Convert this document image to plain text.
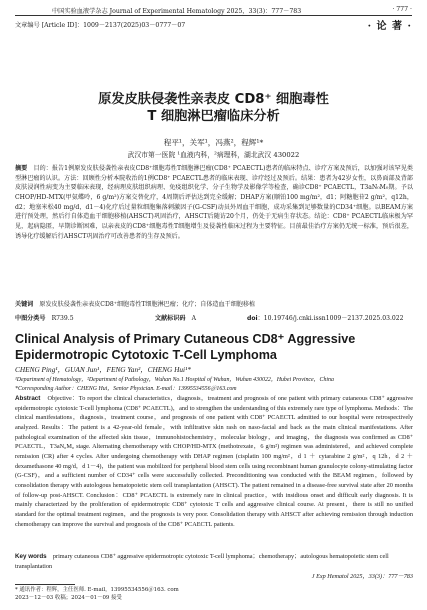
中国实验血液学杂志 Journal of Experimental Hematology 2025，33(3)：777－783	· 777 ·
文章编号 [Article ID]：1009－2137(2025)03－0777－07	· 论 著 ·
原发皮肤侵袭性亲表皮 CD8⁺ 细胞毒性
T 细胞淋巴瘤临床分析
程平¹，关军¹，冯燕²，程辉¹*
武汉市第一医院 ¹血液内科，²病理科，湖北武汉 430022

摘要　 目的：报告1例原发皮肤侵袭性亲表皮CD8⁺细胞毒性T细胞淋巴瘤(CD8⁺ PCAECTL)患者的临床特点、诊疗方案及预后，以加强对该罕见类型淋巴瘤的认识。方法：回顾性分析本院收治的1例CD8⁺ PCAECTL患者的临床表现、诊疗经过及预后。结果：患者为42岁女性，以鼻面部及背部皮肤浸润性病变为主要临床表现，经病理皮肤组织病理、免疫组织化学、分子生物学及影像学等检查，确诊CD8⁺ PCAECTL，T3aN₀M₀期。予以CHOP/HD-MTX(甲氨蝶呤，6 g/m²)方案交替化疗，4周期后评估达到完全缓解；DHAP方案(顺铂100 mg/m²，d1；阿糖胞苷2 g/m²，q12h，d2；地塞米松40 mg/d，d1－4)化疗后过量粒细胞集落刺激因子(G-CSF)动员外周血干细胞，成功采集到足够数量的CD34⁺细胞。以BEAM方案进行预处理，然后行自体造血干细胞移植(AHSCT)巩固治疗，AHSCT后随访20个月，仍处于无病生存状态。结论：CD8⁺ PCAECTL临床极为罕见，起病隐匿，早期诊断困难，以亲表皮的CD8⁺细胞毒性T细胞增生及侵袭性临床过程为主要特征。目前最佳治疗方案仍无统一标准，预后很差，诱导化疗缓解后行AHSCT巩固治疗可改善患者的生存及预后。

关键词　 原发皮肤侵袭性亲表皮CD8⁺细胞毒性T细胞淋巴瘤；化疗；自体造血干细胞移植

中图分类号　 R739.5	文献标识码　 A	doi：10.19746/j.cnki.issn1009－2137.2025.03.022
Clinical Analysis of Primary Cutaneous CD8⁺ Aggressive Epidermotropic Cytotoxic T-Cell Lymphoma
CHENG Ping¹，GUAN Jun¹，FENG Yan²，CHENG Hui¹*
¹Department of Hematology，²Department of Pathology，Wuhan No.1 Hospital of Wuhan，Wuhan 430022，Hubei Province，China
*Corresponding Author：CHENG Hui，Senior Physician. E-mail：13995534556＠163.com

Abstract　 Objective：To report the clinical characteristics，diagnosis，treatment and prognosis of one patient with primary cutaneous CD8⁺ aggressive epidermotropic cytotoxic T-cell lymphoma (CD8⁺ PCAECTL)，and to strengthen the understanding of this extremely rare type of lymphoma. Methods：The clinical manifestations，diagnosis，treatment course，and prognosis of one patient with CD8⁺ PCAECTL admitted to our hospital were retrospectively analyzed. Results：The patient is a 42-year-old female，with infiltrative skin rash on naso-facial and back as the main clinical manifestations. After pathological examination of the affected skin tissue，immunohistochemistry，molecular biology，and imaging，the diagnosis was confirmed as CD8⁺ PCAECTL，T3aN₀M₀ stage. Alternating chemotherapy with CHOP/HD-MTX (methotrexate，6 g/m²) regimen was administered，and achieved complete remission (CR) after 4 cycles. After undergoing chemotherapy with DHAP regimen (cisplatin 100 mg/m²，d 1 ＋ cytarabine 2 g/m²，q 12h，d 2 ＋ dexamethasone 40 mg/d，d 1－4)，the patient was mobilized for peripheral blood stem cells using recombinant human granulocyte colony-stimulating factor (G-CSF)，and a sufficient number of CD34⁺ cells were successfully collected. Preconditioning was conducted with the BEAM regimen，followed by consolidation therapy with autologous hematopoietic stem cell transplantation (AHSCT). The patient remained in a disease-free survival state after 20 months of follow-up post-AHSCT. Conclusion：CD8⁺ PCAECTL is extremely rare in clinical practice，with insidious onset and difficult early diagnosis. It is mainly characterized by the proliferation of epidermotropic CD8⁺ cytotoxic T cells and aggressive clinical course. At present，there is still no unified standard for the optimal treatment regimen，and the prognosis is very poor. Consolidation therapy with AHSCT after achieving remission through induction chemotherapy can improve the survival and prognosis of the CD8⁺ PCAECTL patients.

Key words　 primary cutaneous CD8⁺ aggressive epidermotropic cytotoxic T-cell lymphoma；chemotherapy；autologous hematopoietic stem cell transplantation
J Exp Hematol 2025，33(3)：777－783
* 通讯作者：程辉，主任医师. E-mail，13995534556＠163. com
2023－12－03 收稿；2024－01－09 接受
